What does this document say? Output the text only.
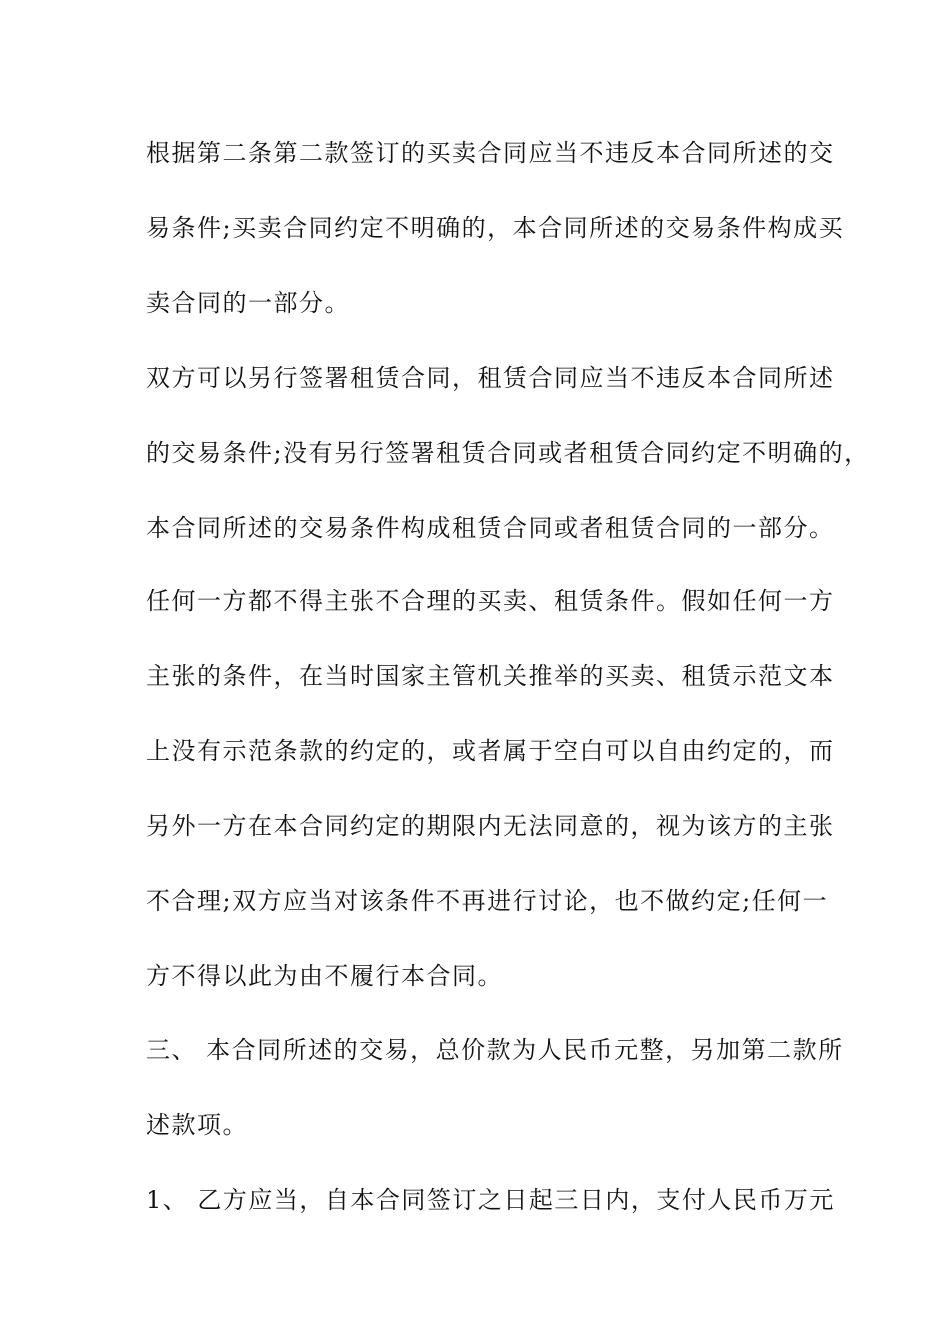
根据第二条第二款签订的买卖合同应当不违反本合同所述的交
易条件;买卖合同约定不明确的，本合同所述的交易条件构成买
卖合同的一部分。
双方可以另行签署租赁合同，租赁合同应当不违反本合同所述
的交易条件;没有另行签署租赁合同或者租赁合同约定不明确的，
本合同所述的交易条件构成租赁合同或者租赁合同的一部分。
任何一方都不得主张不合理的买卖、租赁条件。假如任何一方
主张的条件，在当时国家主管机关推举的买卖、租赁示范文本
上没有示范条款的约定的，或者属于空白可以自由约定的，而
另外一方在本合同约定的期限内无法同意的，视为该方的主张
不合理;双方应当对该条件不再进行讨论，也不做约定;任何一
方不得以此为由不履行本合同。
三、 本合同所述的交易，总价款为人民币元整，另加第二款所
述款项。
1、 乙方应当，自本合同签订之日起三日内，支付人民币万元
